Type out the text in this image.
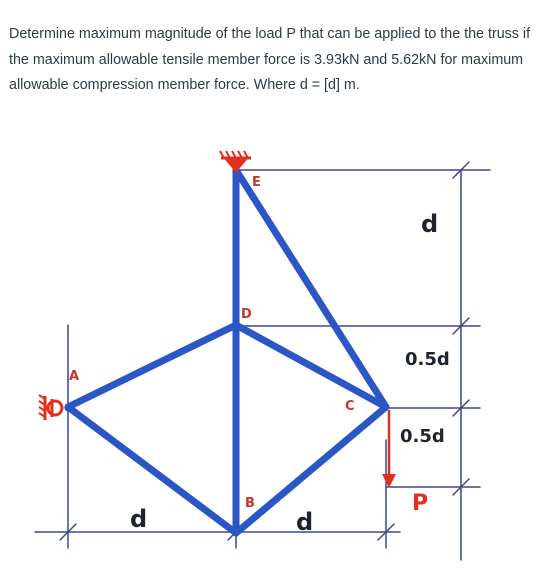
Determine maximum magnitude of the load P that can be applied to the the truss if the maximum allowable tensile member force is 3.93kN and 5.62kN for maximum allowable compression member force. Where d = [d] m.

A
B
C
D
E
d
0.5d
0.5d
d	d
P
